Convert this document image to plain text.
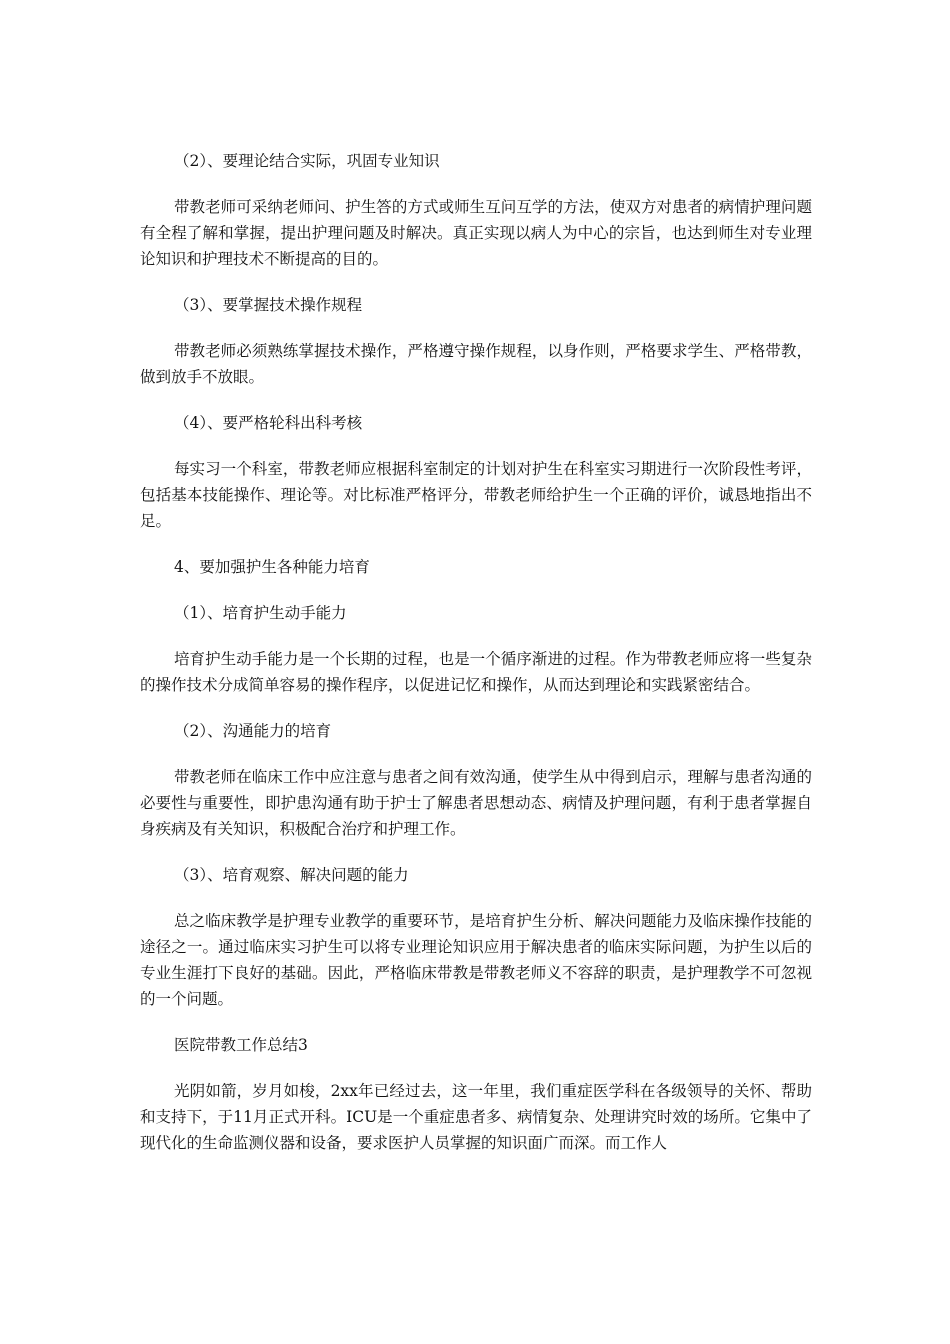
（2）、要理论结合实际，巩固专业知识

带教老师可采纳老师问、护生答的方式或师生互问互学的方法，使双方对患者的病情护理问题有全程了解和掌握，提出护理问题及时解决。真正实现以病人为中心的宗旨，也达到师生对专业理论知识和护理技术不断提高的目的。

（3）、要掌握技术操作规程

带教老师必须熟练掌握技术操作，严格遵守操作规程，以身作则，严格要求学生、严格带教，做到放手不放眼。

（4）、要严格轮科出科考核

每实习一个科室，带教老师应根据科室制定的计划对护生在科室实习期进行一次阶段性考评，包括基本技能操作、理论等。对比标准严格评分，带教老师给护生一个正确的评价，诚恳地指出不足。

4、要加强护生各种能力培育

（1）、培育护生动手能力

培育护生动手能力是一个长期的过程，也是一个循序渐进的过程。作为带教老师应将一些复杂的操作技术分成简单容易的操作程序，以促进记忆和操作，从而达到理论和实践紧密结合。

（2）、沟通能力的培育

带教老师在临床工作中应注意与患者之间有效沟通，使学生从中得到启示，理解与患者沟通的必要性与重要性，即护患沟通有助于护士了解患者思想动态、病情及护理问题，有利于患者掌握自身疾病及有关知识，积极配合治疗和护理工作。

（3）、培育观察、解决问题的能力

总之临床教学是护理专业教学的重要环节，是培育护生分析、解决问题能力及临床操作技能的途径之一。通过临床实习护生可以将专业理论知识应用于解决患者的临床实际问题，为护生以后的专业生涯打下良好的基础。因此，严格临床带教是带教老师义不容辞的职责，是护理教学不可忽视的一个问题。

医院带教工作总结3

光阴如箭，岁月如梭，2xx年已经过去，这一年里，我们重症医学科在各级领导的关怀、帮助和支持下，于11月正式开科。ICU是一个重症患者多、病情复杂、处理讲究时效的场所。它集中了现代化的生命监测仪器和设备，要求医护人员掌握的知识面广而深。而工作人
